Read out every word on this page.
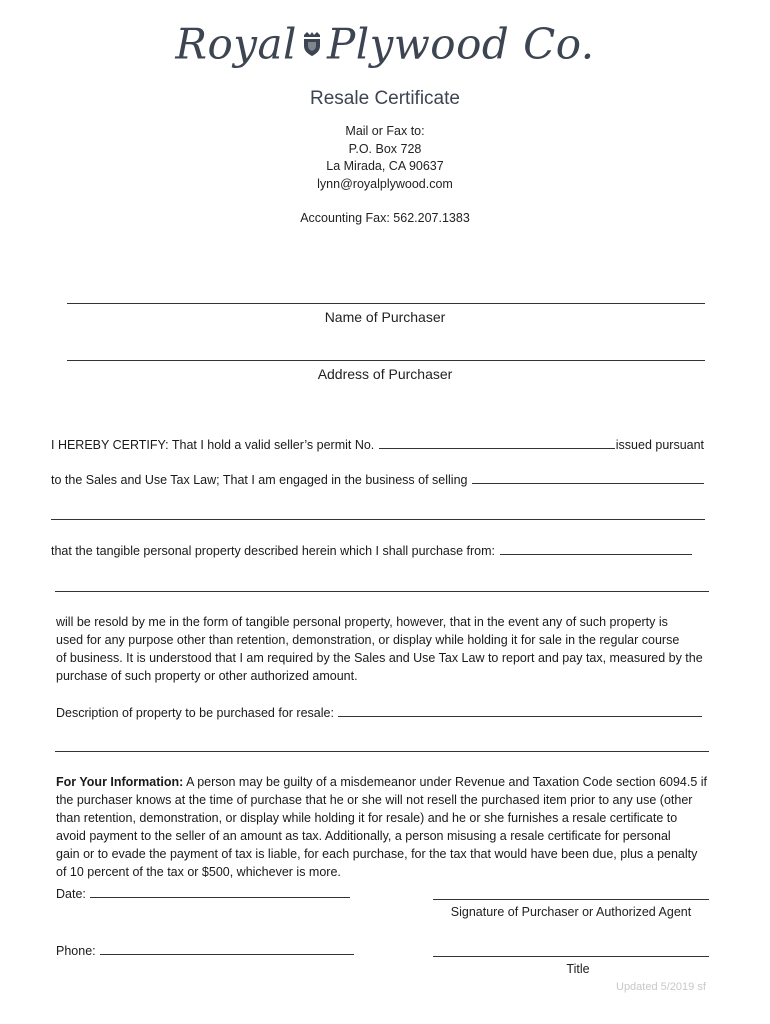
Royal Plywood Co.
Resale Certificate
Mail or Fax to:
P.O. Box 728
La Mirada, CA 90637
lynn@royalplywood.com
Accounting Fax: 562.207.1383
Name of Purchaser
Address of Purchaser
I HEREBY CERTIFY: That I hold a valid seller’s permit No.	issued pursuant
to the Sales and Use Tax Law; That I am engaged in the business of selling
that the tangible personal property described herein which I shall purchase from:
will be resold by me in the form of tangible personal property, however, that in the event any of such property is
used for any purpose other than retention, demonstration, or display while holding it for sale in the regular course
of business. It is understood that I am required by the Sales and Use Tax Law to report and pay tax, measured by the
purchase of such property or other authorized amount.
Description of property to be purchased for resale:
For Your Information: A person may be guilty of a misdemeanor under Revenue and Taxation Code section 6094.5 if
the purchaser knows at the time of purchase that he or she will not resell the purchased item prior to any use (other
than retention, demonstration, or display while holding it for resale) and he or she furnishes a resale certificate to
avoid payment to the seller of an amount as tax. Additionally, a person misusing a resale certificate for personal
gain or to evade the payment of tax is liable, for each purchase, for the tax that would have been due, plus a penalty
of 10 percent of the tax or $500, whichever is more.
Date:
Signature of Purchaser or Authorized Agent
Phone:
Title
Updated 5/2019 sf
